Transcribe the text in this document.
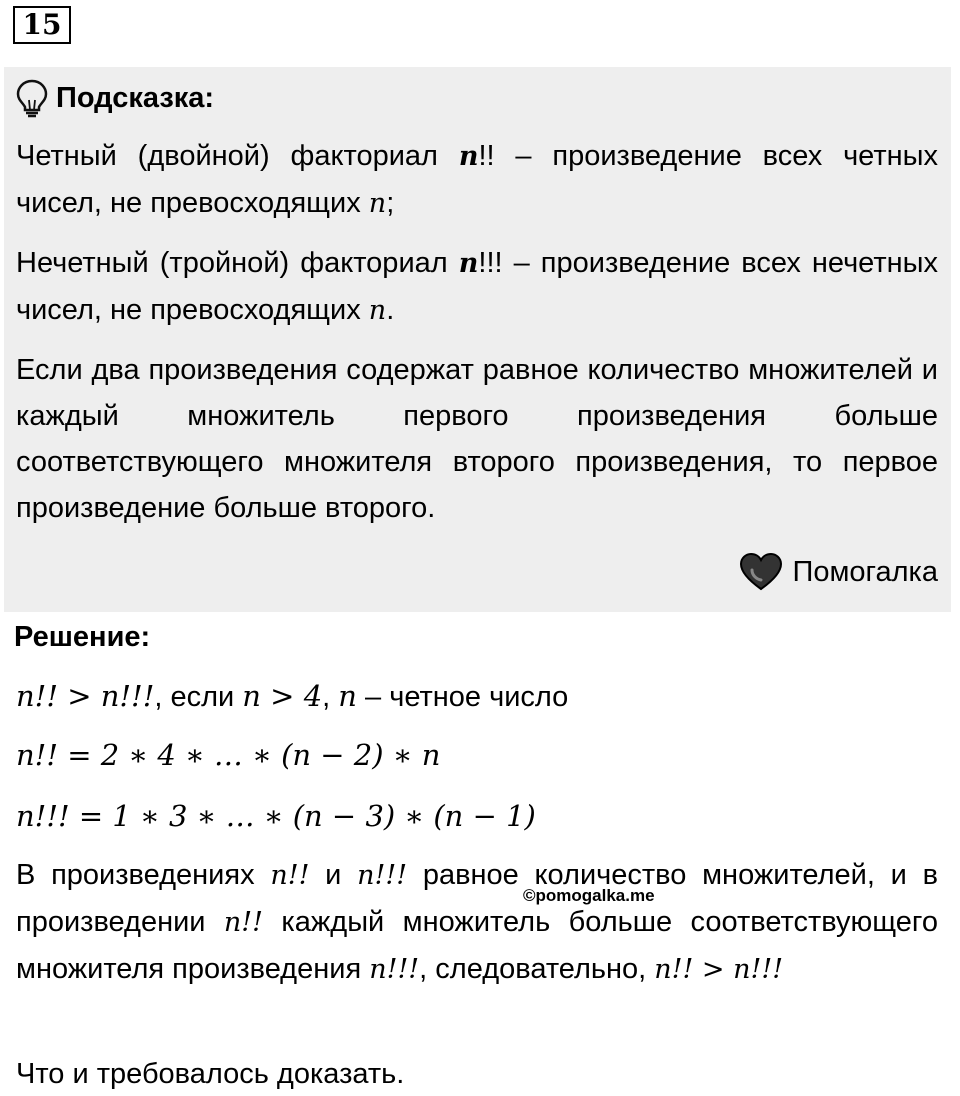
15
Подсказка:
Четный (двойной) факториал n!! – произведение всех четных чисел, не превосходящих n;
Нечетный (тройной) факториал n!!! – произведение всех нечетных чисел, не превосходящих n.
Если два произведения содержат равное количество множителей и каждый множитель первого произведения больше соответствующего множителя второго произведения, то первое произведение больше второго.
Помогалка
Решение:
n!! > n!!!, если n > 4, n – четное число
n!! = 2 ∗ 4 ∗ … ∗ (n − 2) ∗ n
n!!! = 1 ∗ 3 ∗ … ∗ (n − 3) ∗ (n − 1)
В произведениях n!! и n!!! равное количество множителей, и в произведении n!! каждый множитель больше соответствующего множителя произведения n!!!, следовательно, n!! > n!!!
©pomogalka.me
Что и требовалось доказать.
